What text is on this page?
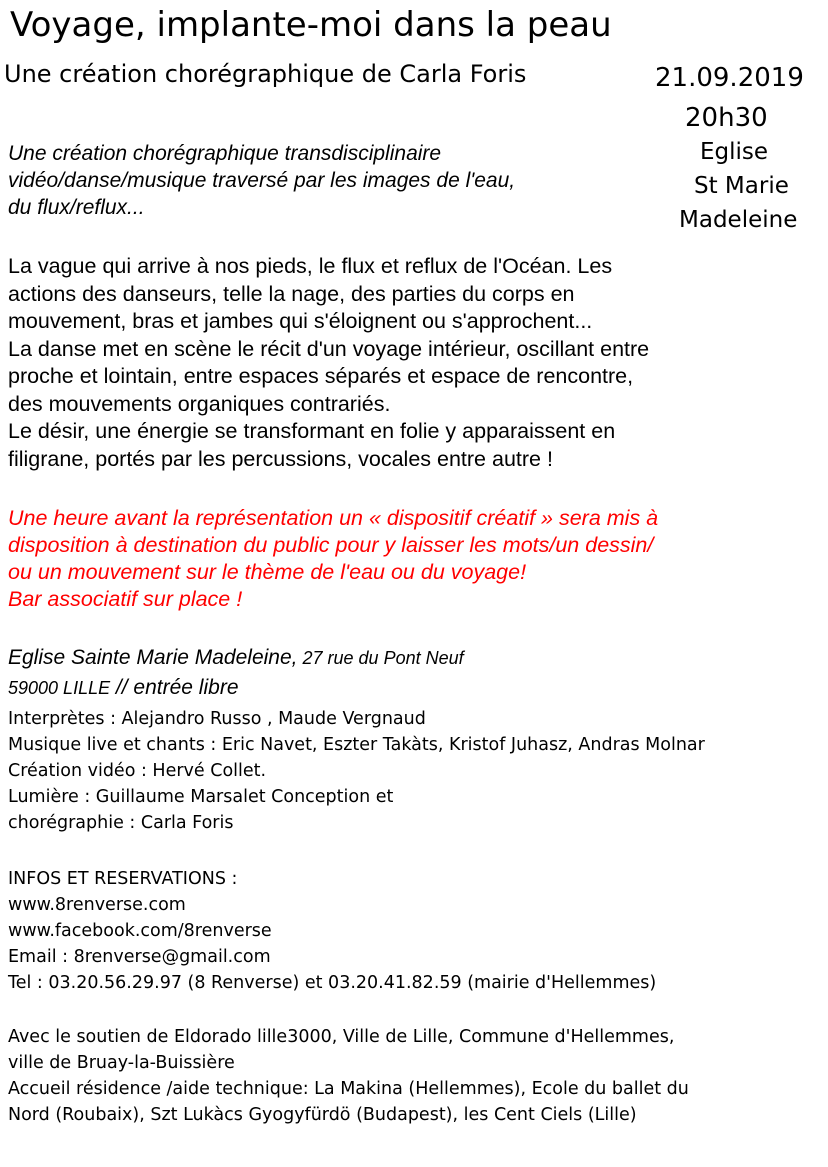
Voyage, implante-moi dans la peau
Une création chorégraphique de Carla Foris	21.09.2019
20h30
Eglise
St Marie
Madeleine
Une création chorégraphique transdisciplinaire
vidéo/danse/musique traversé par les images de l'eau,
du flux/reflux...
La vague qui arrive à nos pieds, le flux et reflux de l'Océan. Les
actions des danseurs, telle la nage, des parties du corps en
mouvement, bras et jambes qui s'éloignent ou s'approchent...
La danse met en scène le récit d'un voyage intérieur, oscillant entre
proche et lointain, entre espaces séparés et espace de rencontre,
des mouvements organiques contrariés.
Le désir, une énergie se transformant en folie y apparaissent en
filigrane, portés par les percussions, vocales entre autre !
Une heure avant la représentation un « dispositif créatif » sera mis à
disposition à destination du public pour y laisser les mots/un dessin/
ou un mouvement sur le thème de l'eau ou du voyage!
Bar associatif sur place !
Eglise Sainte Marie Madeleine, 27 rue du Pont Neuf
59000 LILLE // entrée libre
Interprètes : Alejandro Russo , Maude Vergnaud
Musique live et chants : Eric Navet, Eszter Takàts, Kristof Juhasz, Andras Molnar
Création vidéo : Hervé Collet.
Lumière : Guillaume Marsalet Conception et
chorégraphie : Carla Foris
INFOS ET RESERVATIONS :
www.8renverse.com
www.facebook.com/8renverse
Email : 8renverse@gmail.com
Tel : 03.20.56.29.97 (8 Renverse) et 03.20.41.82.59 (mairie d'Hellemmes)
Avec le soutien de Eldorado lille3000, Ville de Lille, Commune d'Hellemmes,
ville de Bruay-la-Buissière
Accueil résidence /aide technique: La Makina (Hellemmes), Ecole du ballet du
Nord (Roubaix), Szt Lukàcs Gyogyfürdö (Budapest), les Cent Ciels (Lille)
